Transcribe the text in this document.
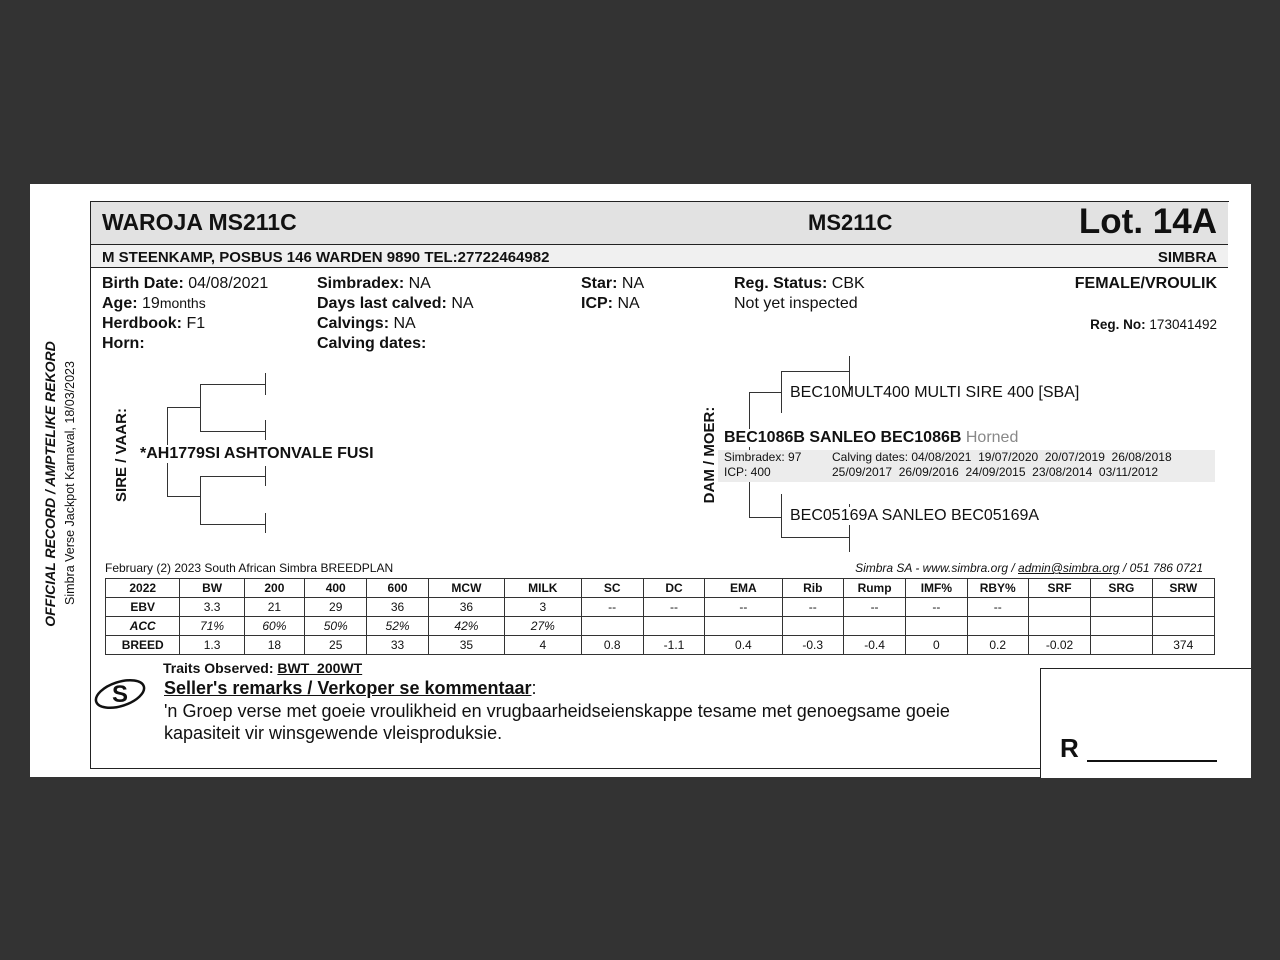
OFFICIAL RECORD / AMPTELIKE REKORD Simbra Verse Jackpot Karnaval, 18/03/2023
WAROJA MS211C	MS211C	Lot. 14A
M STEENKAMP, POSBUS 146 WARDEN 9890 TEL:27722464982	SIMBRA
Birth Date: 04/08/2021
Age: 19months
Herdbook: F1
Horn:
Simbradex: NA
Days last calved: NA
Calvings: NA
Calving dates:
Star: NA
ICP: NA
Reg. Status: CBK
Not yet inspected
FEMALE/VROULIK
Reg. No: 173041492
SIRE / VAAR: *AH1779SI ASHTONVALE FUSI	DAM / MOER:
BEC10MULT400 MULTI SIRE 400 [SBA]
BEC05169A SANLEO BEC05169A
BEC1086B SANLEO BEC1086B Horned
Simbradex: 97
ICP: 400
Calving dates: 04/08/2021  19/07/2020  20/07/2019  26/08/2018
25/09/2017  26/09/2016  24/09/2015  23/08/2014  03/11/2012
February (2) 2023 South African Simbra BREEDPLAN	Simbra SA - www.simbra.org / admin@simbra.org / 051 786 0721
2022	BW	200	400	600	MCW	MILK	SC	DC	EMA	Rib	Rump	IMF%	RBY%	SRF	SRG	SRW
EBV	3.3	21	29	36	36	3	--	--	--	--	--	--	--			
ACC	71%	60%	50%	52%	42%	27%										
BREED	1.3	18	25	33	35	4	0.8	-1.1	0.4	-0.3	-0.4	0	0.2	-0.02		374
Traits Observed: BWT  200WT
S Seller's remarks / Verkoper se kommentaar:
'n Groep verse met goeie vroulikheid en vrugbaarheidseienskappe tesame met genoegsame goeie
kapasiteit vir winsgewende vleisproduksie.	R
